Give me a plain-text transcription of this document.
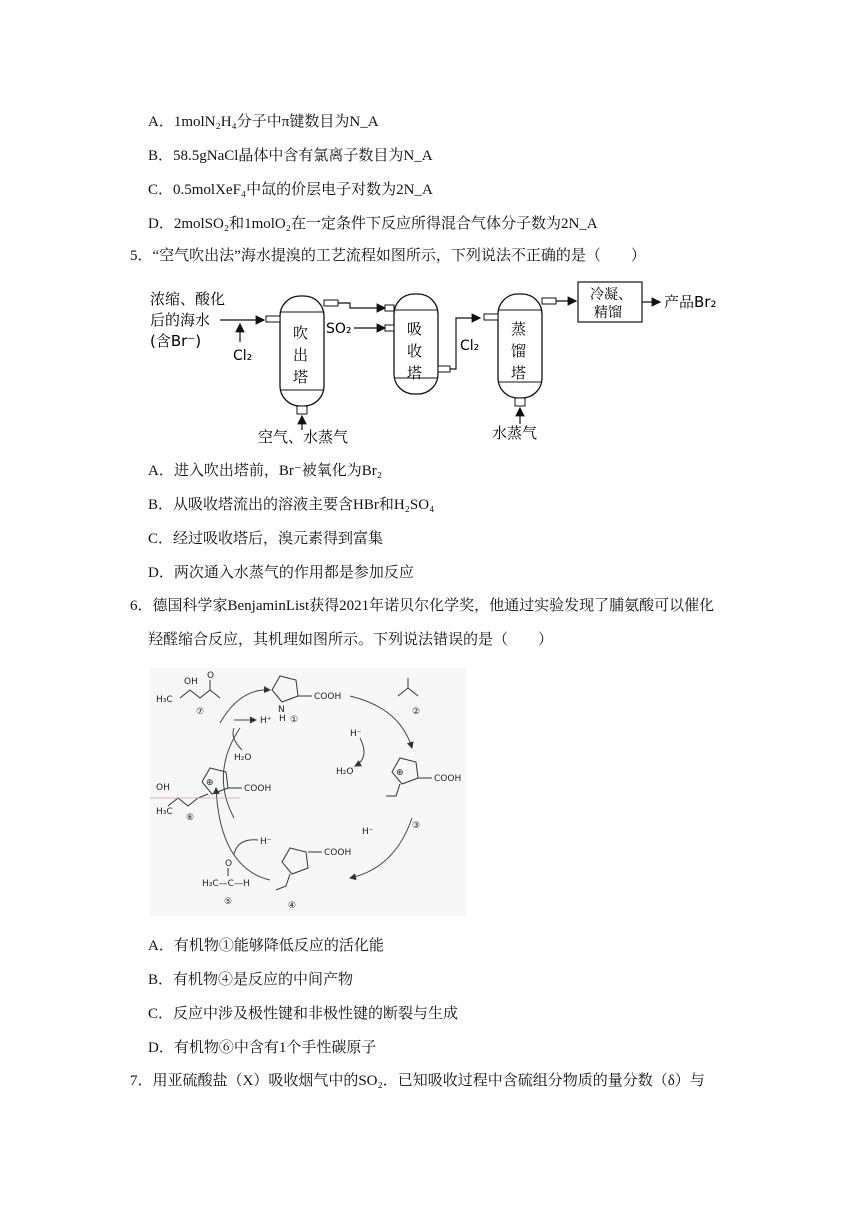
A．1molN₂H₄分子中π键数目为N_A
B．58.5gNaCl晶体中含有氯离子数目为N_A
C．0.5molXeF₄中氙的价层电子对数为2N_A
D．2molSO₂和1molO₂在一定条件下反应所得混合气体分子数为2N_A
5．“空气吹出法”海水提溴的工艺流程如图所示，下列说法不正确的是（　　）
浓缩、酸化
后的海水
(含Br⁻)
Cl₂
吹
出
塔
空气、水蒸气
SO₂	吸
收
塔
Cl₂
蒸
馏
塔
水蒸气
冷凝、
精馏
产品Br₂
A．进入吹出塔前，Br⁻被氧化为Br₂
B．从吸收塔流出的溶液主要含HBr和H₂SO₄
C．经过吸收塔后，溴元素得到富集
D．两次通入水蒸气的作用都是参加反应
6．德国科学家BenjaminList获得2021年诺贝尔化学奖，他通过实验发现了脯氨酸可以催化
羟醛缩合反应，其机理如图所示。下列说法错误的是（　　）
OH
O
H₃C
⑦
COOH
N
H ①
H⁺
②
H⁻
H₂O	⊕
COOH
③
H⁻
COOH
④
O
H₃C—C—H
⑤
H⁻
H₂O
⊕
COOH
OH
H₃C
⑥
A．有机物①能够降低反应的活化能
B．有机物④是反应的中间产物
C．反应中涉及极性键和非极性键的断裂与生成
D．有机物⑥中含有1个手性碳原子
7．用亚硫酸盐（X）吸收烟气中的SO₂．已知吸收过程中含硫组分物质的量分数（δ）与
